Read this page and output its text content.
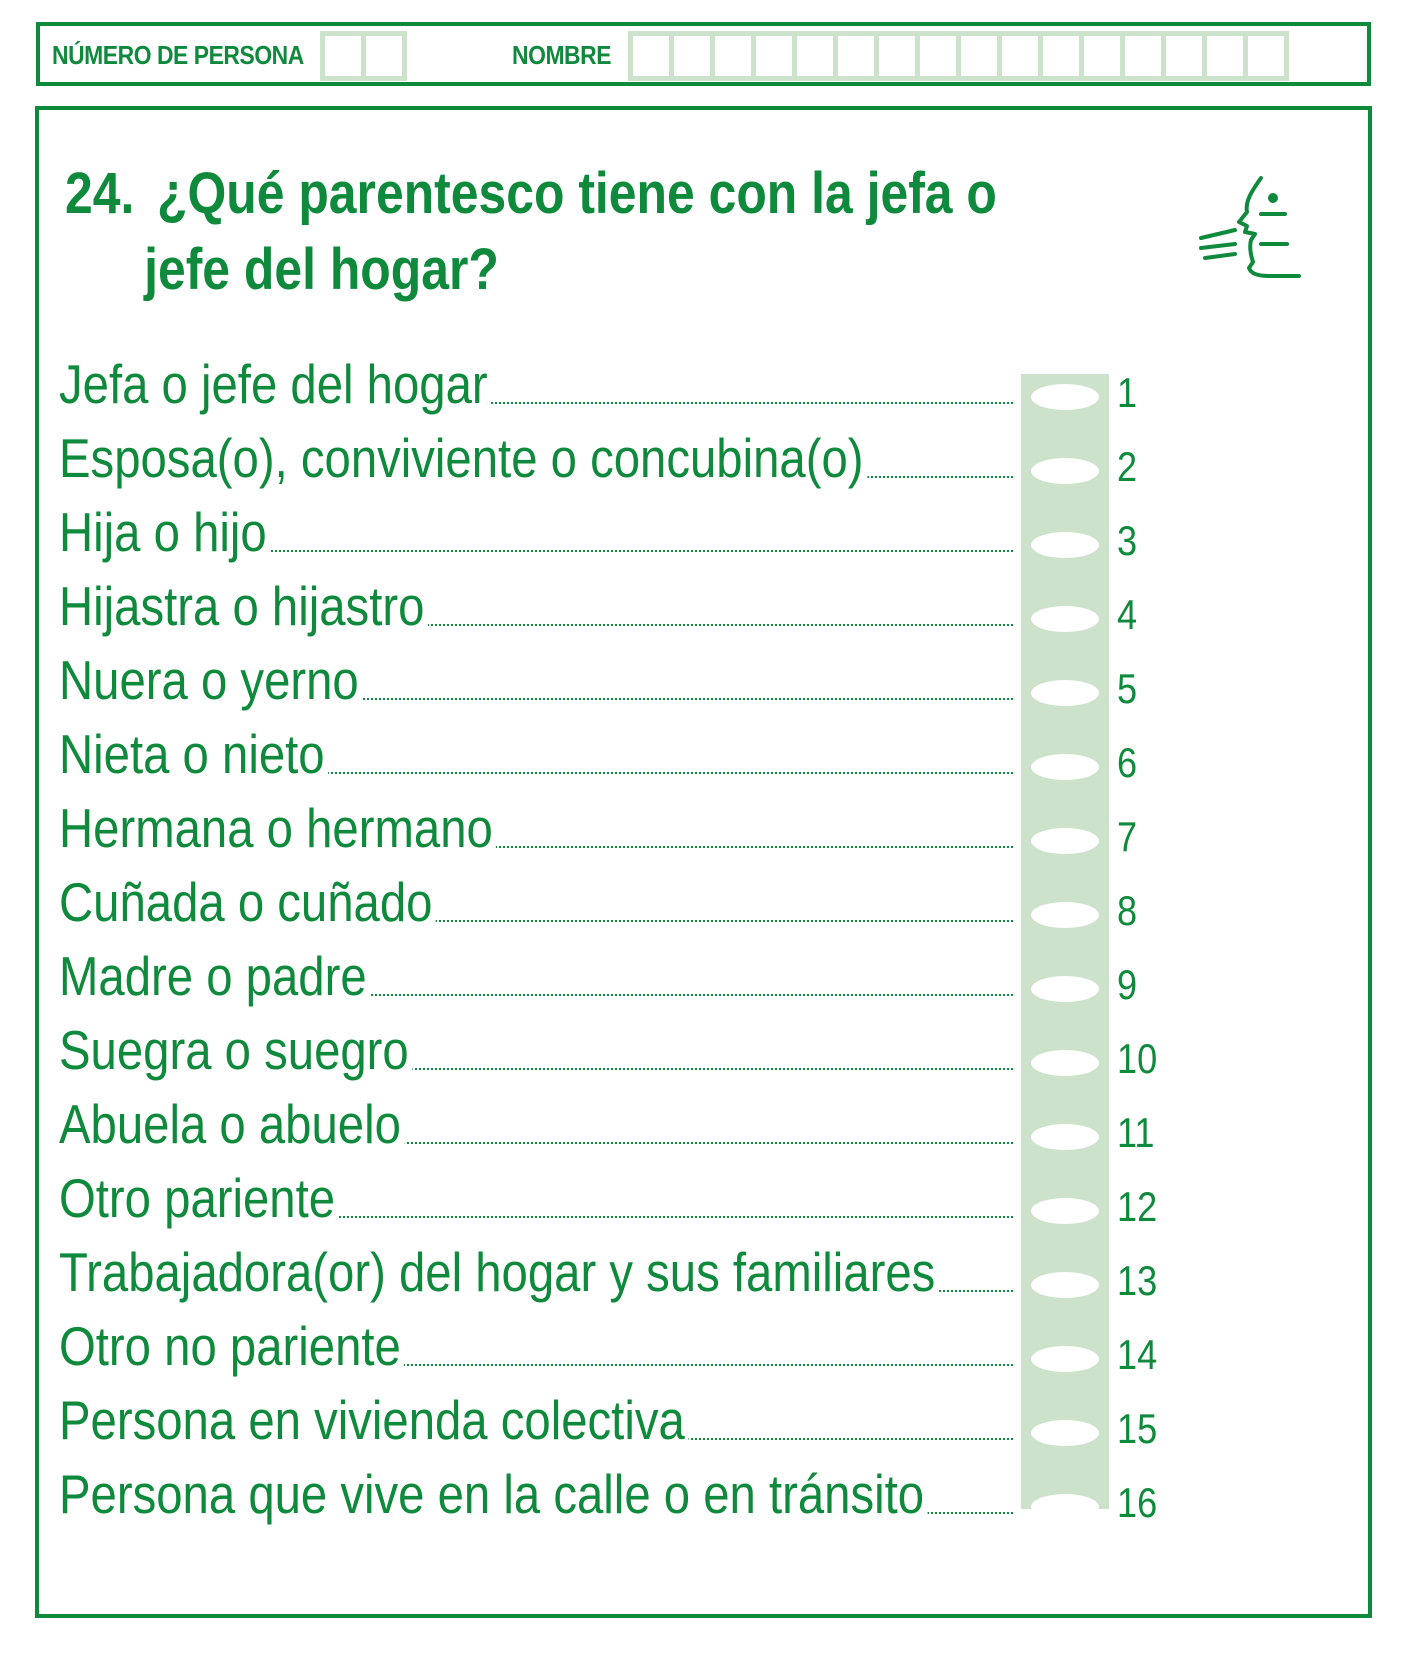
NÚMERO DE PERSONA	NOMBRE
24. ¿Qué parentesco tiene con la jefa o
jefe del hogar?
Jefa o jefe del hogar	1
Esposa(o), conviviente o concubina(o)	2
Hija o hijo	3
Hijastra o hijastro	4
Nuera o yerno	5
Nieta o nieto	6
Hermana o hermano	7
Cuñada o cuñado	8
Madre o padre	9
Suegra o suegro	10
Abuela o abuelo	11
Otro pariente	12
Trabajadora(or) del hogar y sus familiares	13
Otro no pariente	14
Persona en vivienda colectiva	15
Persona que vive en la calle o en tránsito	16
